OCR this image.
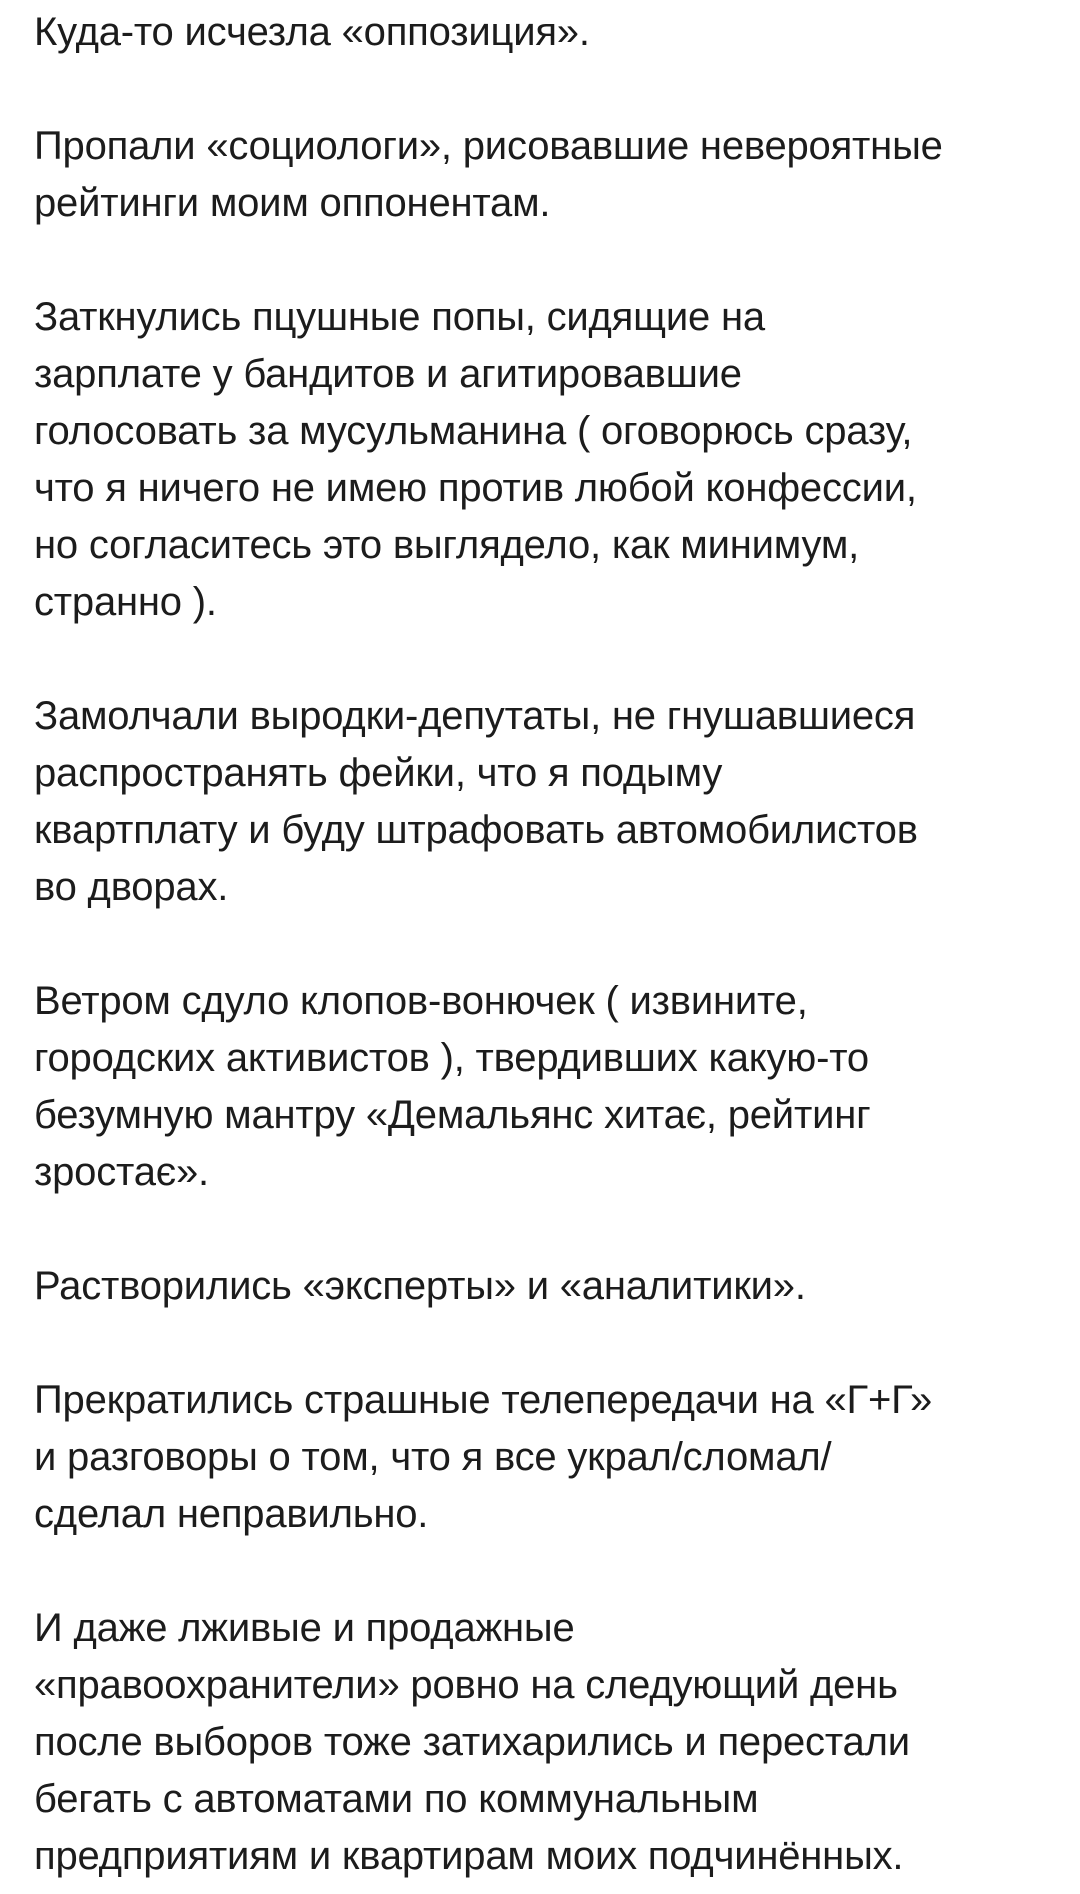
Куда-то исчезла «оппозиция».

Пропали «социологи», рисовавшие невероятные
рейтинги моим оппонентам.

Заткнулись пцушные попы, сидящие на
зарплате у бандитов и агитировавшие
голосовать за мусульманина ( оговорюсь сразу,
что я ничего не имею против любой конфессии,
но согласитесь это выглядело, как минимум,
странно ).

Замолчали выродки-депутаты, не гнушавшиеся
распространять фейки, что я подыму
квартплату и буду штрафовать автомобилистов
во дворах.

Ветром сдуло клопов-вонючек ( извините,
городских активистов ), твердивших какую-то
безумную мантру «Демальянс хитає, рейтинг
зростає».

Растворились «эксперты» и «аналитики».

Прекратились страшные телепередачи на «Г+Г»
и разговоры о том, что я все украл/сломал/
сделал неправильно.

И даже лживые и продажные
«правоохранители» ровно на следующий день
после выборов тоже затихарились и перестали
бегать с автоматами по коммунальным
предприятиям и квартирам моих подчинённых.
